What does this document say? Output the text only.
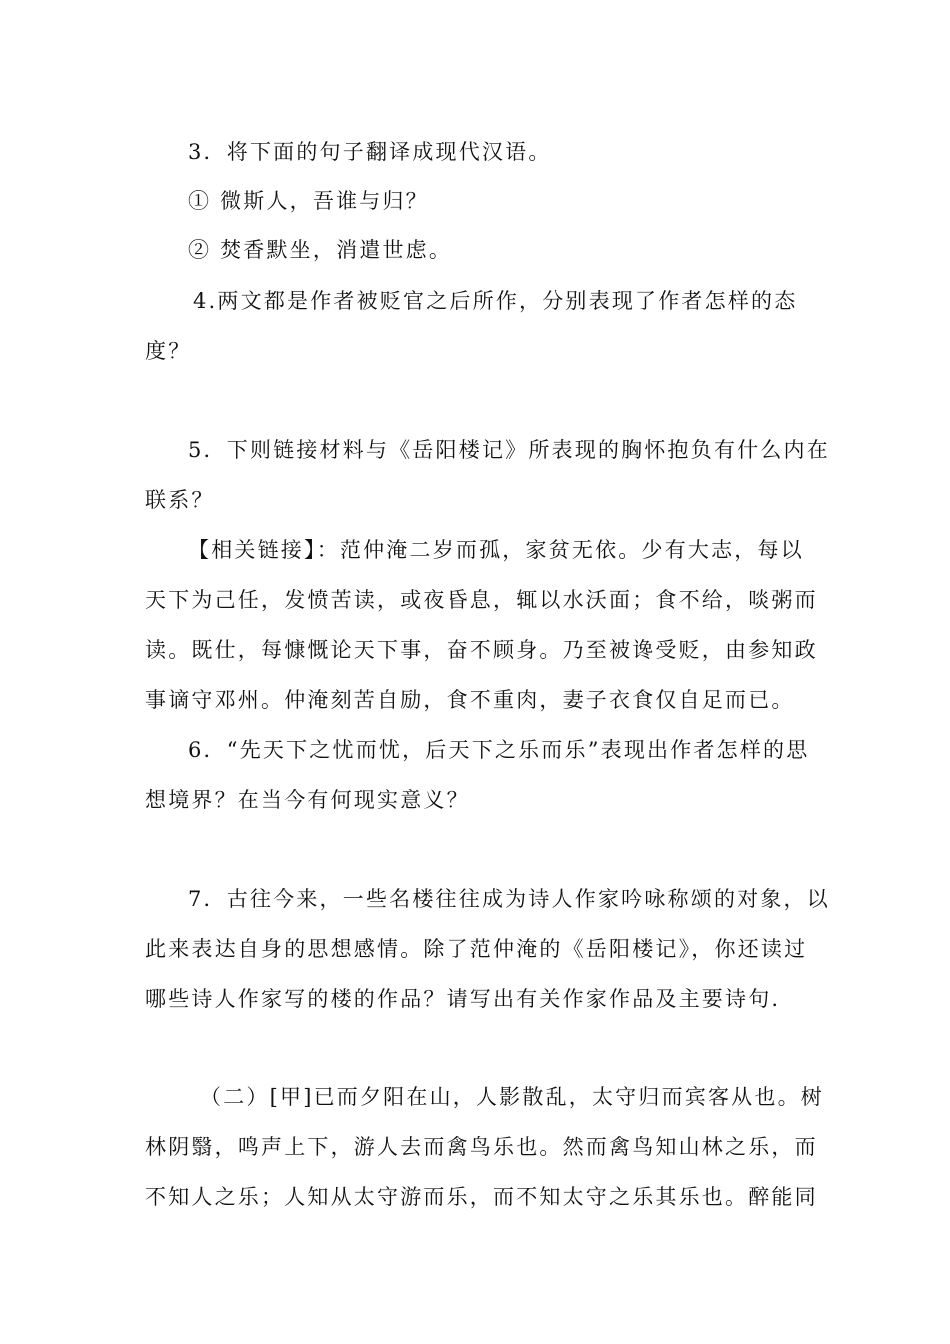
3．将下面的句子翻译成现代汉语。
① 微斯人，吾谁与归？
② 焚香默坐，消遣世虑。
4.两文都是作者被贬官之后所作，分别表现了作者怎样的态
度？
5．下则链接材料与《岳阳楼记》所表现的胸怀抱负有什么内在
联系？
【相关链接】：范仲淹二岁而孤，家贫无依。少有大志，每以
天下为己任，发愤苦读，或夜昏息，辄以水沃面；食不给，啖粥而
读。既仕，每慷慨论天下事，奋不顾身。乃至被谗受贬，由参知政
事谪守邓州。仲淹刻苦自励，食不重肉，妻子衣食仅自足而已。
6．“先天下之忧而忧，后天下之乐而乐”表现出作者怎样的思
想境界？在当今有何现实意义？
7．古往今来，一些名楼往往成为诗人作家吟咏称颂的对象，以
此来表达自身的思想感情。除了范仲淹的《岳阳楼记》，你还读过
哪些诗人作家写的楼的作品？请写出有关作家作品及主要诗句.
（二）[甲]已而夕阳在山，人影散乱，太守归而宾客从也。树
林阴翳，鸣声上下，游人去而禽鸟乐也。然而禽鸟知山林之乐，而
不知人之乐；人知从太守游而乐，而不知太守之乐其乐也。醉能同
